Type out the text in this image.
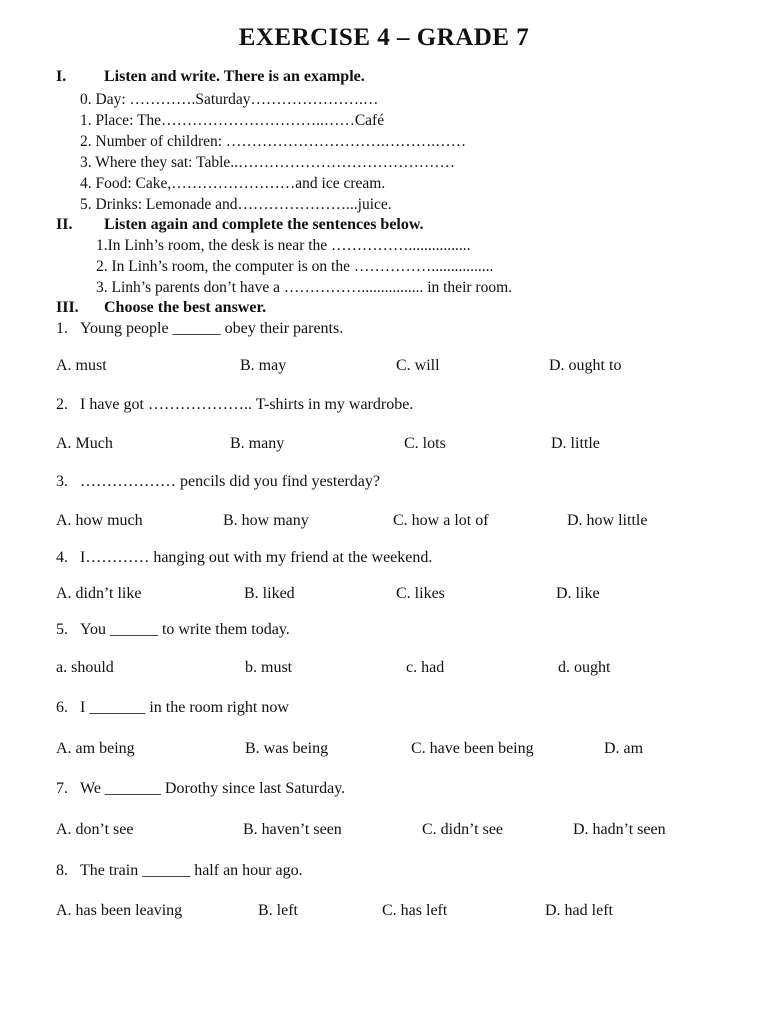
EXERCISE 4 – GRADE 7
I. Listen and write. There is an example.
0. Day: ………….Saturday………………….…
1. Place: The…………………………..……Café
2. Number of children: ………………………….……….……
3. Where they sat: Table..……………………………………
4. Food: Cake,……………………and ice cream.
5. Drinks: Lemonade and…………………...juice.
II. Listen again and complete the sentences below.
1.In Linh’s room, the desk is near the ……………................
2. In Linh’s room, the computer is on the ……………................
3. Linh’s parents don’t have a ……………................ in their room.
III. Choose the best answer.
1. Young people ______ obey their parents.
A. must	B. may	C. will	D. ought to
2. I have got ……………….. T-shirts in my wardrobe.
A. Much	B. many	C. lots	D. little
3. ……………… pencils did you find yesterday?
A. how much	B. how many	C. how a lot of	D. how little
4. I………… hanging out with my friend at the weekend.
A. didn’t like	B. liked	C. likes	D. like
5. You ______ to write them today.
a. should	b. must	c. had	d. ought
6. I _______ in the room right now
A. am being	B. was being	C. have been being	D. am
7. We _______ Dorothy since last Saturday.
A. don’t see	B. haven’t seen	C. didn’t see	D. hadn’t seen
8. The train ______ half an hour ago.
A. has been leaving	B. left	C. has left	D. had left
